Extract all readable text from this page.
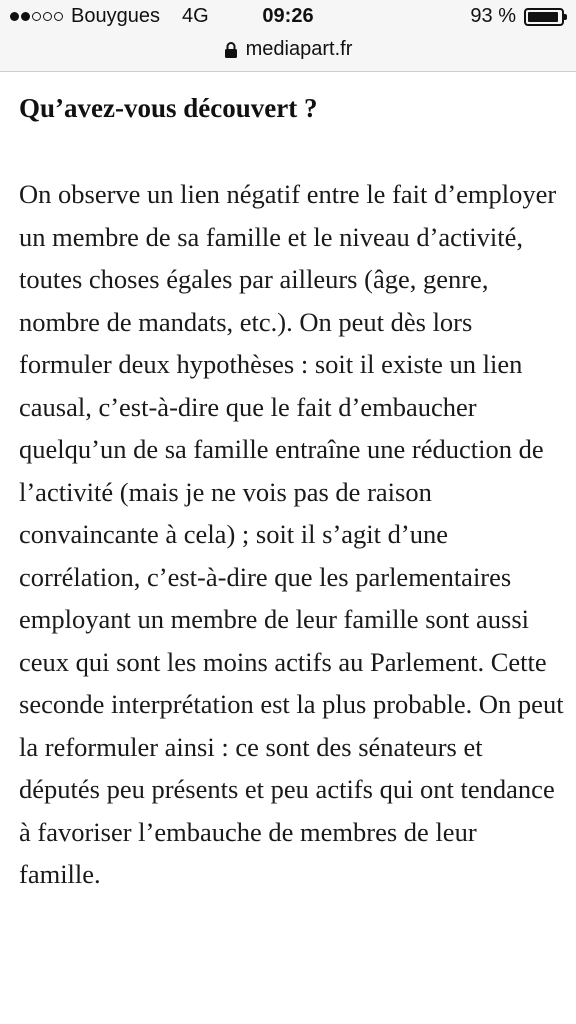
Bouygues 4G	09:26	93 %
mediapart.fr
Qu’avez-vous découvert ?

On observe un lien négatif entre le fait d’employer un membre de sa famille et le niveau d’activité, toutes choses égales par ailleurs (âge, genre, nombre de mandats, etc.). On peut dès lors formuler deux hypothèses : soit il existe un lien causal, c’est-à-dire que le fait d’embaucher quelqu’un de sa famille entraîne une réduction de l’activité (mais je ne vois pas de raison convaincante à cela) ; soit il s’agit d’une corrélation, c’est-à-dire que les parlementaires employant un membre de leur famille sont aussi ceux qui sont les moins actifs au Parlement. Cette seconde interprétation est la plus probable. On peut la reformuler ainsi : ce sont des sénateurs et députés peu présents et peu actifs qui ont tendance à favoriser l’embauche de membres de leur famille.
